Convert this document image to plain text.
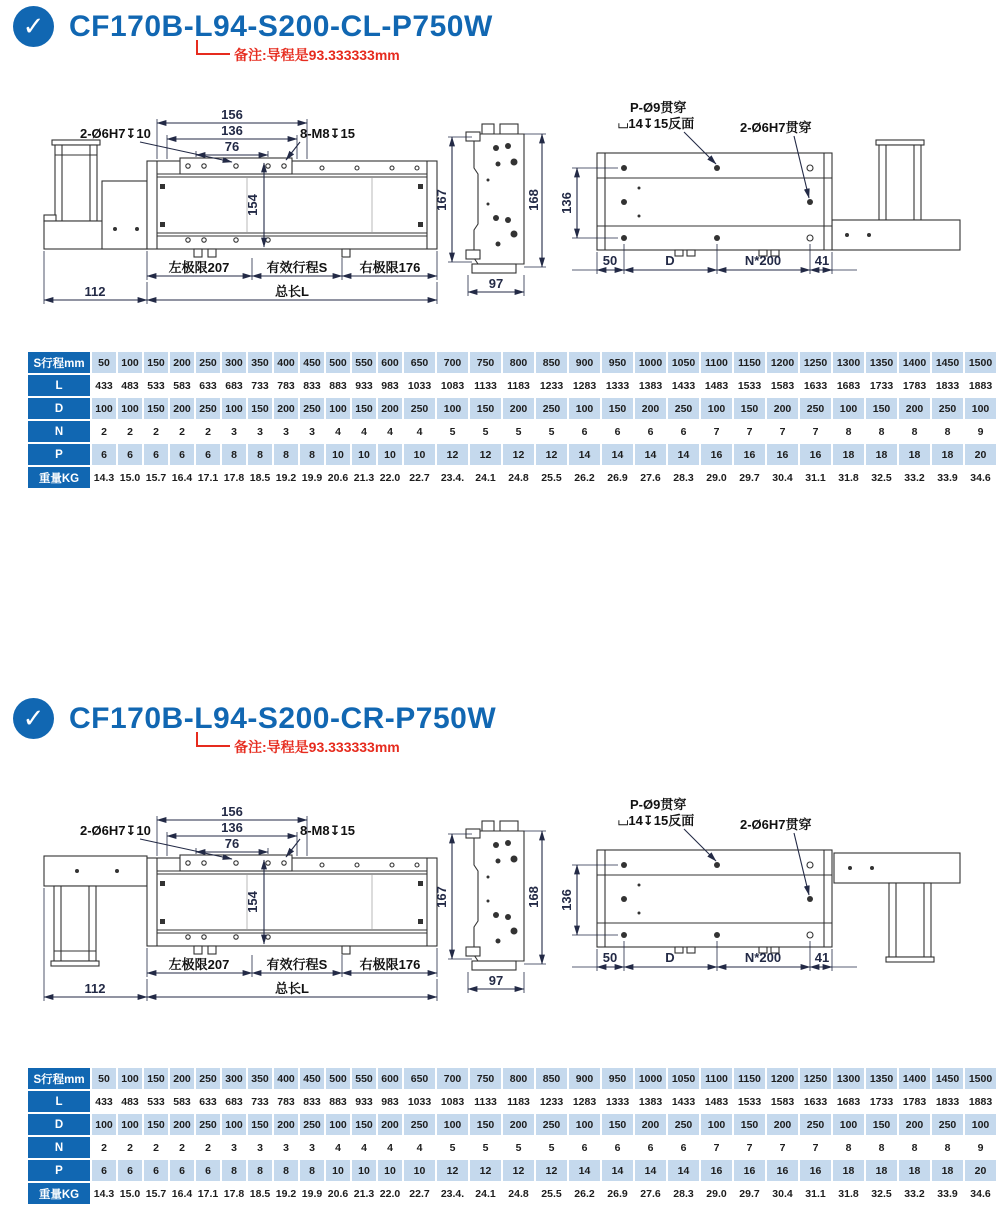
✓ CF170B-L94-S200-CL-P750W
备注:导程是93.333333mm
156
136
76
2-Ø6H7↧10	8-M8↧15
154
左极限207	有效行程S 右极限176
112	总长L
167	168
97
P-Ø9贯穿
⌴14↧15反面	2-Ø6H7贯穿
136
50	D	N*200	41
S行程mm	50	100	150	200	250	300	350	400	450	500	550	600	650	700	750	800	850	900	950	1000	1050	1100	1150	1200	1250	1300	1350	1400	1450	1500
L	433	483	533	583	633	683	733	783	833	883	933	983	1033	1083	1133	1183	1233	1283	1333	1383	1433	1483	1533	1583	1633	1683	1733	1783	1833	1883
D	100	100	150	200	250	100	150	200	250	100	150	200	250	100	150	200	250	100	150	200	250	100	150	200	250	100	150	200	250	100
N	2	2	2	2	2	3	3	3	3	4	4	4	4	5	5	5	5	6	6	6	6	7	7	7	7	8	8	8	8	9
P	6	6	6	6	6	8	8	8	8	10	10	10	10	12	12	12	12	14	14	14	14	16	16	16	16	18	18	18	18	20
重量KG	14.3	15.0	15.7	16.4	17.1	17.8	18.5	19.2	19.9	20.6	21.3	22.0	22.7	23.4.	24.1	24.8	25.5	26.2	26.9	27.6	28.3	29.0	29.7	30.4	31.1	31.8	32.5	33.2	33.9	34.6
✓ CF170B-L94-S200-CR-P750W
备注:导程是93.333333mm
156
136
76
2-Ø6H7↧10	8-M8↧15
154
左极限207	有效行程S 右极限176
112	总长L
167	168
97
P-Ø9贯穿
⌴14↧15反面	2-Ø6H7贯穿
136
50	D	N*200	41
S行程mm	50	100	150	200	250	300	350	400	450	500	550	600	650	700	750	800	850	900	950	1000	1050	1100	1150	1200	1250	1300	1350	1400	1450	1500
L	433	483	533	583	633	683	733	783	833	883	933	983	1033	1083	1133	1183	1233	1283	1333	1383	1433	1483	1533	1583	1633	1683	1733	1783	1833	1883
D	100	100	150	200	250	100	150	200	250	100	150	200	250	100	150	200	250	100	150	200	250	100	150	200	250	100	150	200	250	100
N	2	2	2	2	2	3	3	3	3	4	4	4	4	5	5	5	5	6	6	6	6	7	7	7	7	8	8	8	8	9
P	6	6	6	6	6	8	8	8	8	10	10	10	10	12	12	12	12	14	14	14	14	16	16	16	16	18	18	18	18	20
重量KG	14.3	15.0	15.7	16.4	17.1	17.8	18.5	19.2	19.9	20.6	21.3	22.0	22.7	23.4.	24.1	24.8	25.5	26.2	26.9	27.6	28.3	29.0	29.7	30.4	31.1	31.8	32.5	33.2	33.9	34.6
